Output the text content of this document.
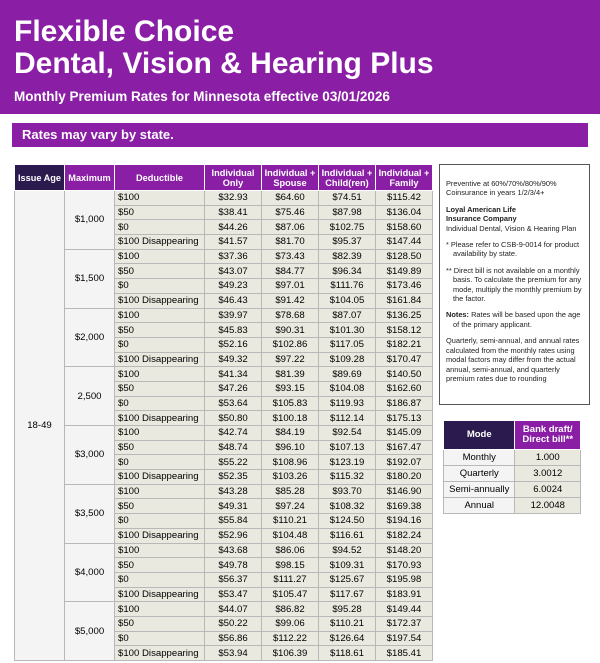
Flexible Choice
Dental, Vision & Hearing Plus
Monthly Premium Rates for Minnesota effective 03/01/2026
Rates may vary by state.
Issue Age	Maximum	Deductible	Individual Only	Individual + Spouse	Individual + Child(ren)	Individual + Family
18-49	$1,000	$100	$32.93	$64.60	$74.51	$115.42
		$50	$38.41	$75.46	$87.98	$136.04
		$0	$44.26	$87.06	$102.75	$158.60
		$100 Disappearing	$41.57	$81.70	$95.37	$147.44
	$1,500	$100	$37.36	$73.43	$82.39	$128.50
		$50	$43.07	$84.77	$96.34	$149.89
		$0	$49.23	$97.01	$111.76	$173.46
		$100 Disappearing	$46.43	$91.42	$104.05	$161.84
	$2,000	$100	$39.97	$78.68	$87.07	$136.25
		$50	$45.83	$90.31	$101.30	$158.12
		$0	$52.16	$102.86	$117.05	$182.21
		$100 Disappearing	$49.32	$97.22	$109.28	$170.47
	2,500	$100	$41.34	$81.39	$89.69	$140.50
		$50	$47.26	$93.15	$104.08	$162.60
		$0	$53.64	$105.83	$119.93	$186.87
		$100 Disappearing	$50.80	$100.18	$112.14	$175.13
	$3,000	$100	$42.74	$84.19	$92.54	$145.09
		$50	$48.74	$96.10	$107.13	$167.47
		$0	$55.22	$108.96	$123.19	$192.07
		$100 Disappearing	$52.35	$103.26	$115.32	$180.20
	$3,500	$100	$43.28	$85.28	$93.70	$146.90
		$50	$49.31	$97.24	$108.32	$169.38
		$0	$55.84	$110.21	$124.50	$194.16
		$100 Disappearing	$52.96	$104.48	$116.61	$182.24
	$4,000	$100	$43.68	$86.06	$94.52	$148.20
		$50	$49.78	$98.15	$109.31	$170.93
		$0	$56.37	$111.27	$125.67	$195.98
		$100 Disappearing	$53.47	$105.47	$117.67	$183.91
	$5,000	$100	$44.07	$86.82	$95.28	$149.44
		$50	$50.22	$99.06	$110.21	$172.37
		$0	$56.86	$112.22	$126.64	$197.54
		$100 Disappearing	$53.94	$106.39	$118.61	$185.41

Preventive at 60%/70%/80%/90%
Coinsurance in years 1/2/3/4+

Loyal American Life
Insurance Company
Individual Dental, Vision & Hearing Plan

* Please refer to CSB-9-0014 for product availability by state.

** Direct bill is not available on a monthly basis. To calculate the premium for any mode, multiply the monthly premium by the factor.

Notes: Rates will be based upon the age of the primary applicant.

Quarterly, semi-annual, and annual rates calculated from the monthly rates using modal factors may differ from the actual annual, semi-annual, and quarterly premium rates due to rounding

Mode	Bank draft/ Direct bill**
Monthly	1.000
Quarterly	3.0012
Semi-annually	6.0024
Annual	12.0048
